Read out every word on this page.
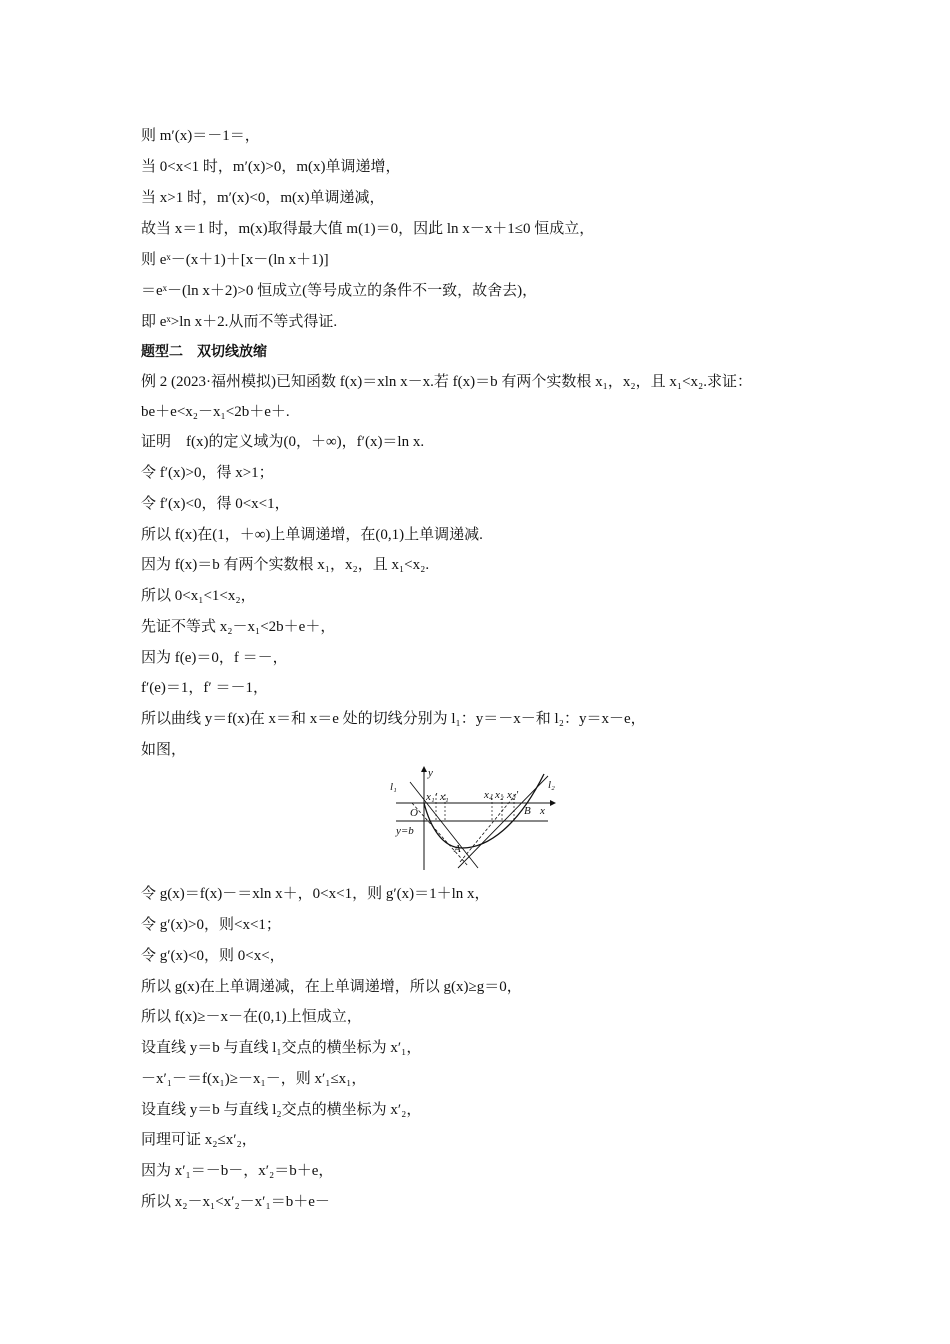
则 m′(x)＝－1＝，
当 0<x<1 时，m′(x)>0，m(x)单调递增，
当 x>1 时，m′(x)<0，m(x)单调递减，
故当 x＝1 时，m(x)取得最大值 m(1)＝0，因此 ln x－x＋1≤0 恒成立，
则 eˣ－(x＋1)＋[x－(ln x＋1)]
＝eˣ－(ln x＋2)>0 恒成立(等号成立的条件不一致，故舍去)，
即 eˣ>ln x＋2.从而不等式得证.
题型二　双切线放缩
例 2 (2023·福州模拟)已知函数 f(x)＝xln x－x.若 f(x)＝b 有两个实数根 x₁，x₂，且 x₁<x₂.求证：
be＋e<x₂－x₁<2b＋e＋.
证明　f(x)的定义域为(0，＋∞)，f′(x)＝ln x.
令 f′(x)>0，得 x>1；
令 f′(x)<0，得 0<x<1，
所以 f(x)在(1，＋∞)上单调递增，在(0,1)上单调递减.
因为 f(x)＝b 有两个实数根 x₁，x₂，且 x₁<x₂.
所以 0<x₁<1<x₂，
先证不等式 x₂－x₁<2b＋e＋，
因为 f(e)＝0，f ＝－，
f′(e)＝1，f′ ＝－1，
所以曲线 y＝f(x)在 x＝和 x＝e 处的切线分别为 l₁：y＝－x－和 l₂：y＝x－e，
如图，
l₁	l₂
y
x
O
x₁′ x₁	x₄ x₂ x₂′
B
y=b
A
令 g(x)＝f(x)－＝xln x＋，0<x<1，则 g′(x)＝1＋ln x，
令 g′(x)>0，则<x<1；
令 g′(x)<0，则 0<x<，
所以 g(x)在上单调递减，在上单调递增，所以 g(x)≥g＝0，
所以 f(x)≥－x－在(0,1)上恒成立，
设直线 y＝b 与直线 l₁交点的横坐标为 x′₁，
－x′₁－＝f(x₁)≥－x₁－，则 x′₁≤x₁，
设直线 y＝b 与直线 l₂交点的横坐标为 x′₂，
同理可证 x₂≤x′₂，
因为 x′₁＝－b－，x′₂＝b＋e，
所以 x₂－x₁<x′₂－x′₁＝b＋e－
